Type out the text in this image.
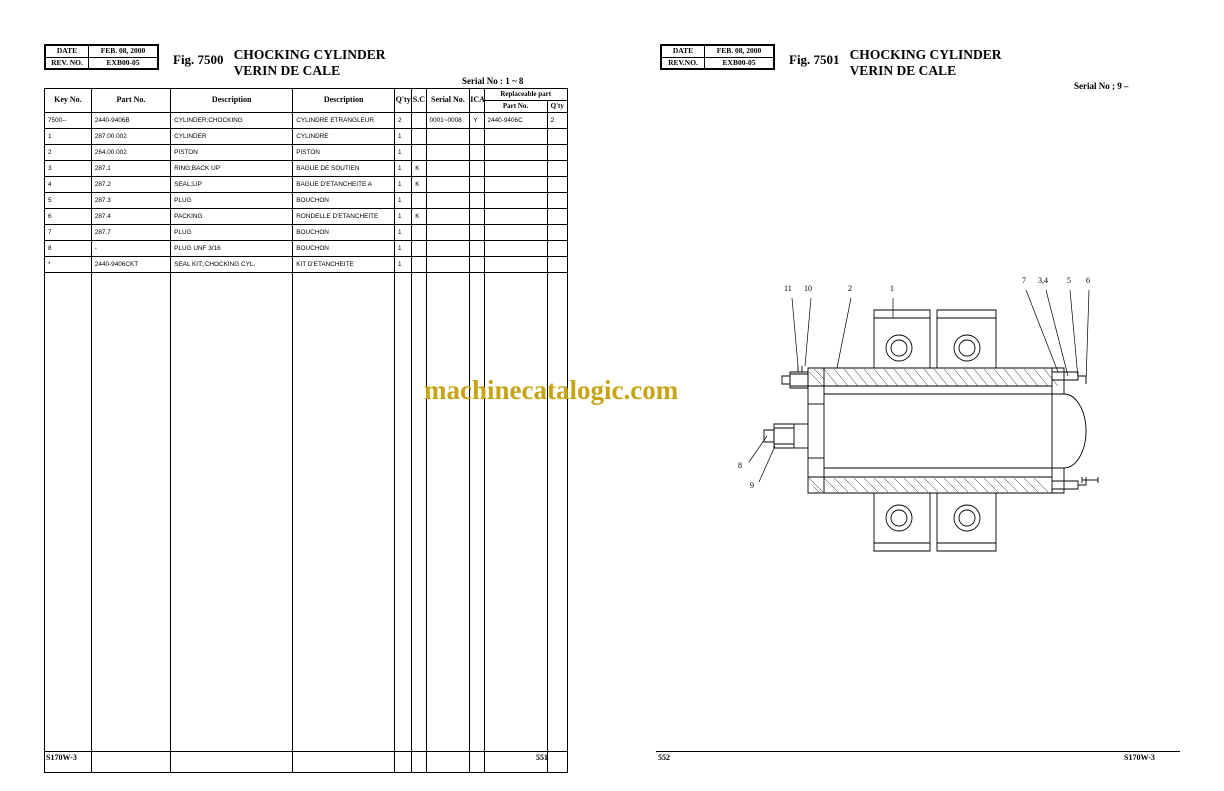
DATE	FEB. 08, 2000
REV. NO.	EXB00-05	Fig. 7500 CHOCKING CYLINDER
VERIN DE CALE
Serial No : 1 ~ 8
Key No.	Part No.	Description	Description	Q'ty	S.C	Serial No.	ICA	Replaceable part	
								Part No.	Q'ty
7500--	2440-9406B	CYLINDER;CHOCKING	CYLINDRE ETRANGLEUR	2		0001~0008	Y	2440-9406C	2
1	287.00.002	CYLINDER	CYLINDRE	1					
2	264.00.002	PISTON	PISTON	1					
3	287.1	RING;BACK UP	BAGUE DE SOUTIEN	1	K				
4	287.2	SEAL;LIP	BAGUE D'ETANCHEITE A	1	K				
5	287.3	PLUG	BOUCHON	1					
6	287.4	PACKING	RONDELLE D'ETANCHEITE	1	K				
7	287.7	PLUG	BOUCHON	1					
8	-	PLUG UNF 3/16	BOUCHON	1					
*	2440-9406CKT	SEAL KIT:;CHOCKING CYL.	KIT D'ETANCHEITE	1					

S170W-3	551
DATE	FEB. 08, 2000
REV.NO.	EXB00-05	Fig. 7501 CHOCKING CYLINDER
VERIN DE CALE
Serial No ; 9 –
11 10	2	1
7 3,4 5 6
8
9
552	S170W-3
machinecatalogic.com
